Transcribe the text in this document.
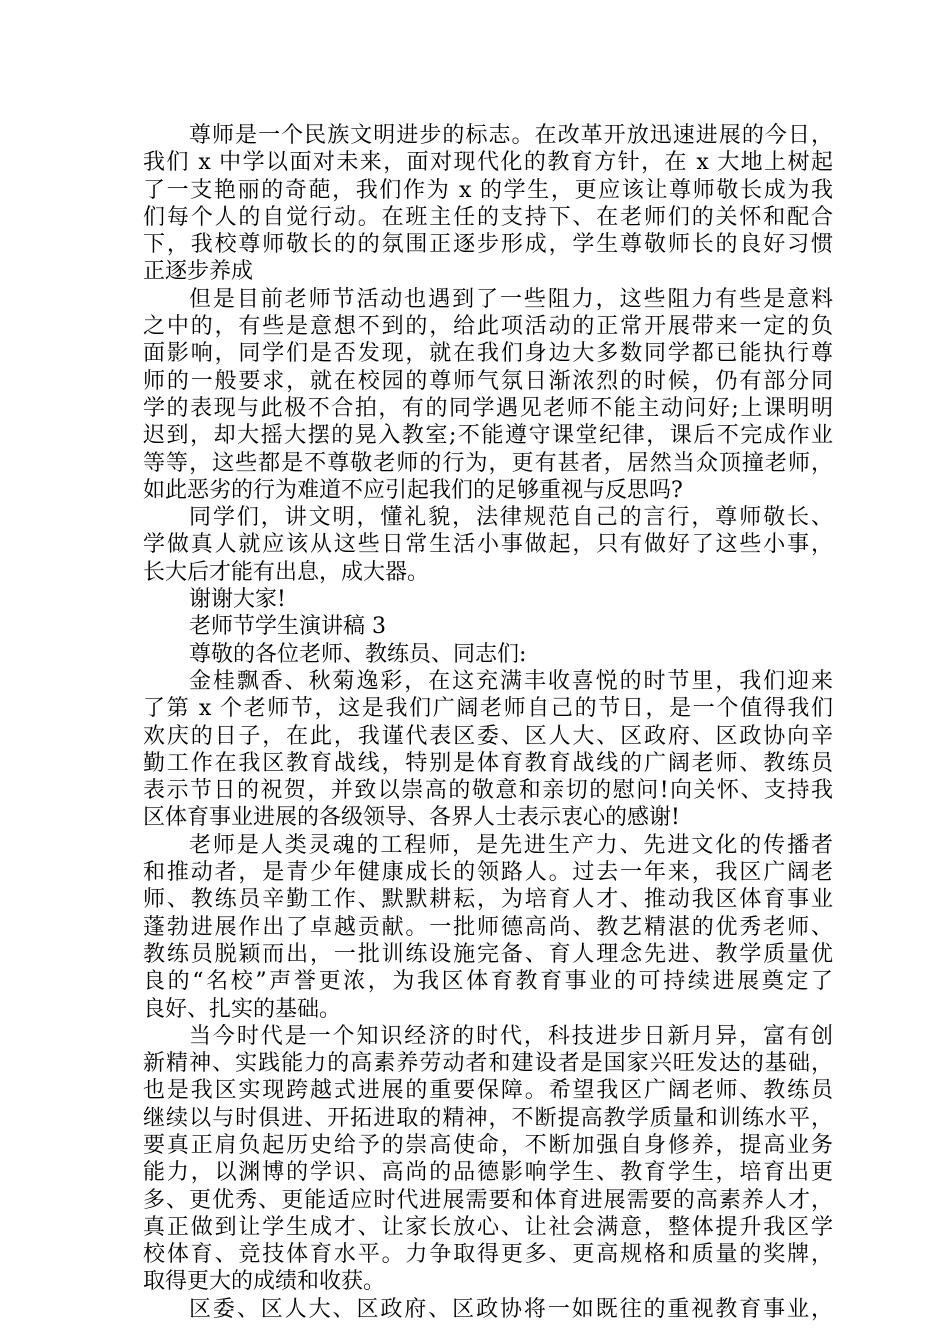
尊师是一个民族文明进步的标志。在改革开放迅速进展的今日，
我们 x 中学以面对未来，面对现代化的教育方针，在 x 大地上树起
了一支艳丽的奇葩，我们作为 x 的学生，更应该让尊师敬长成为我
们每个人的自觉行动。在班主任的支持下、在老师们的关怀和配合
下，我校尊师敬长的的氛围正逐步形成，学生尊敬师长的良好习惯
正逐步养成
但是目前老师节活动也遇到了一些阻力，这些阻力有些是意料
之中的，有些是意想不到的，给此项活动的正常开展带来一定的负
面影响，同学们是否发现，就在我们身边大多数同学都已能执行尊
师的一般要求，就在校园的尊师气氛日渐浓烈的时候，仍有部分同
学的表现与此极不合拍，有的同学遇见老师不能主动问好;上课明明
迟到，却大摇大摆的晃入教室;不能遵守课堂纪律，课后不完成作业
等等，这些都是不尊敬老师的行为，更有甚者，居然当众顶撞老师，
如此恶劣的行为难道不应引起我们的足够重视与反思吗?
同学们，讲文明，懂礼貌，法律规范自己的言行，尊师敬长、
学做真人就应该从这些日常生活小事做起，只有做好了这些小事，
长大后才能有出息，成大器。
谢谢大家!
老师节学生演讲稿 3
尊敬的各位老师、教练员、同志们:
金桂飘香、秋菊逸彩，在这充满丰收喜悦的时节里，我们迎来
了第 x 个老师节，这是我们广阔老师自己的节日，是一个值得我们
欢庆的日子，在此，我谨代表区委、区人大、区政府、区政协向辛
勤工作在我区教育战线，特别是体育教育战线的广阔老师、教练员
表示节日的祝贺，并致以崇高的敬意和亲切的慰问!向关怀、支持我
区体育事业进展的各级领导、各界人士表示衷心的感谢!
老师是人类灵魂的工程师，是先进生产力、先进文化的传播者
和推动者，是青少年健康成长的领路人。过去一年来，我区广阔老
师、教练员辛勤工作、默默耕耘，为培育人才、推动我区体育事业
蓬勃进展作出了卓越贡献。一批师德高尚、教艺精湛的优秀老师、
教练员脱颖而出，一批训练设施完备、育人理念先进、教学质量优
良的“名校”声誉更浓，为我区体育教育事业的可持续进展奠定了
良好、扎实的基础。
当今时代是一个知识经济的时代，科技进步日新月异，富有创
新精神、实践能力的高素养劳动者和建设者是国家兴旺发达的基础，
也是我区实现跨越式进展的重要保障。希望我区广阔老师、教练员
继续以与时俱进、开拓进取的精神，不断提高教学质量和训练水平，
要真正肩负起历史给予的崇高使命，不断加强自身修养，提高业务
能力，以渊博的学识、高尚的品德影响学生、教育学生，培育出更
多、更优秀、更能适应时代进展需要和体育进展需要的高素养人才，
真正做到让学生成才、让家长放心、让社会满意，整体提升我区学
校体育、竞技体育水平。力争取得更多、更高规格和质量的奖牌，
取得更大的成绩和收获。
区委、区人大、区政府、区政协将一如既往的重视教育事业，
